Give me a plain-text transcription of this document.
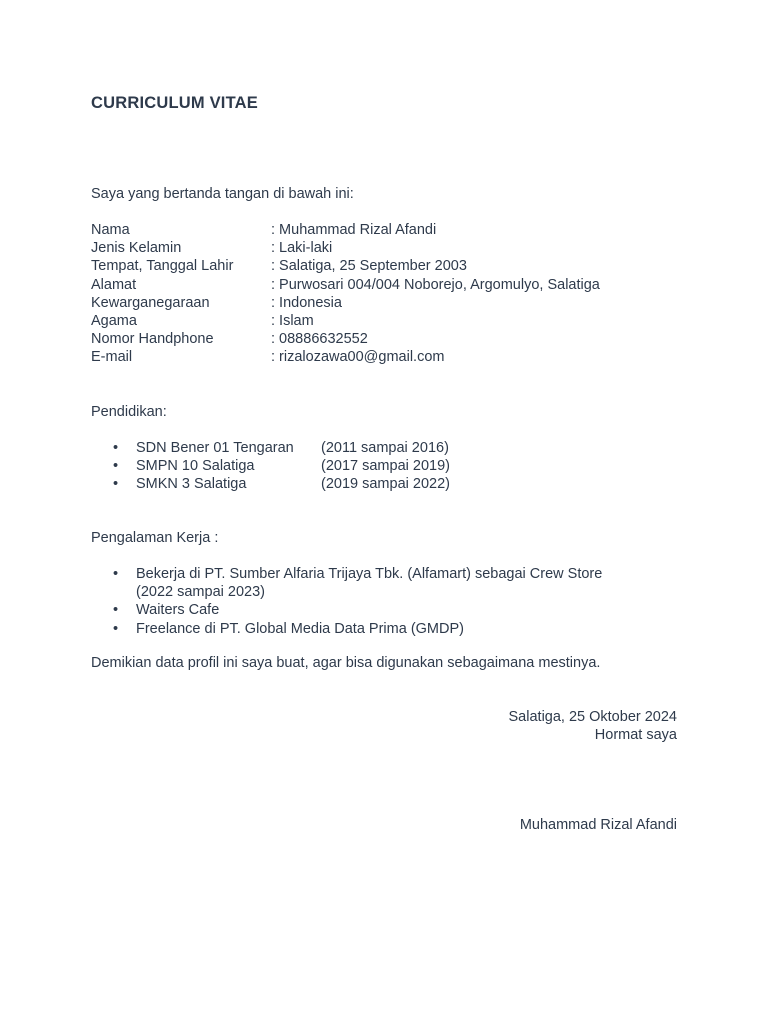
CURRICULUM VITAE
Saya yang bertanda tangan di bawah ini:
Nama	: Muhammad Rizal Afandi
Jenis Kelamin	: Laki-laki
Tempat, Tanggal Lahir	: Salatiga, 25 September 2003
Alamat	: Purwosari 004/004 Noborejo, Argomulyo, Salatiga
Kewarganegaraan	: Indonesia
Agama	: Islam
Nomor Handphone	: 08886632552
E-mail	: rizalozawa00@gmail.com
Pendidikan:
• SDN Bener 01 Tengaran	(2011 sampai 2016)
• SMPN 10 Salatiga	(2017 sampai 2019)
• SMKN 3 Salatiga	(2019 sampai 2022)
Pengalaman Kerja :
• Bekerja di PT. Sumber Alfaria Trijaya Tbk. (Alfamart) sebagai Crew Store (2022 sampai 2023)
• Waiters Cafe
• Freelance di PT. Global Media Data Prima (GMDP)
Demikian data profil ini saya buat, agar bisa digunakan sebagaimana mestinya.
Salatiga, 25 Oktober 2024
Hormat saya
Muhammad Rizal Afandi
